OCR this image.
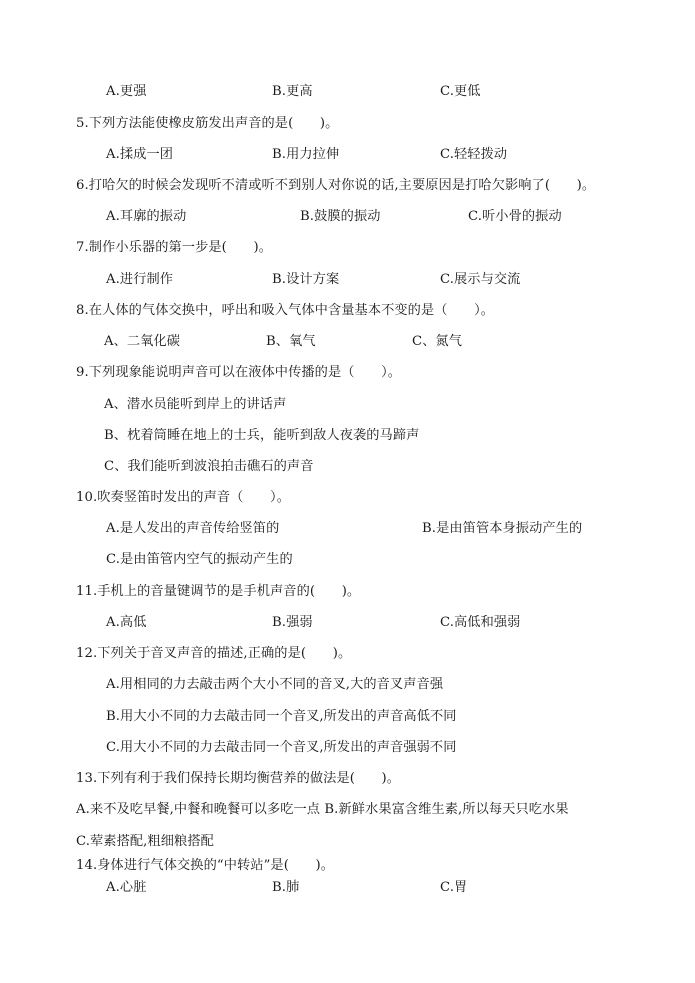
A.更强	B.更高	C.更低
5.下列方法能使橡皮筋发出声音的是(　　)。
A.揉成一团	B.用力拉伸	C.轻轻拨动
6.打哈欠的时候会发现听不清或听不到别人对你说的话,主要原因是打哈欠影响了(　　)。
A.耳廓的振动	B.鼓膜的振动	C.听小骨的振动
7.制作小乐器的第一步是(　　)。
A.进行制作	B.设计方案	C.展示与交流
8.在人体的气体交换中，呼出和吸入气体中含量基本不变的是（　　）。
A、二氧化碳	B、氧气	C、氮气
9.下列现象能说明声音可以在液体中传播的是（　　）。
A、潜水员能听到岸上的讲话声
B、枕着筒睡在地上的士兵，能听到敌人夜袭的马蹄声
C、我们能听到波浪拍击礁石的声音
10.吹奏竖笛时发出的声音（　　）。
A.是人发出的声音传给竖笛的	B.是由笛管本身振动产生的
C.是由笛管内空气的振动产生的
11.手机上的音量键调节的是手机声音的(　　)。
A.高低	B.强弱	C.高低和强弱
12.下列关于音叉声音的描述,正确的是(　　)。
A.用相同的力去敲击两个大小不同的音叉,大的音叉声音强
B.用大小不同的力去敲击同一个音叉,所发出的声音高低不同
C.用大小不同的力去敲击同一个音叉,所发出的声音强弱不同
13.下列有利于我们保持长期均衡营养的做法是(　　)。
A.来不及吃早餐,中餐和晚餐可以多吃一点 B.新鲜水果富含维生素,所以每天只吃水果
C.荤素搭配,粗细粮搭配
14.身体进行气体交换的“中转站”是(　　)。
A.心脏	B.肺	C.胃
